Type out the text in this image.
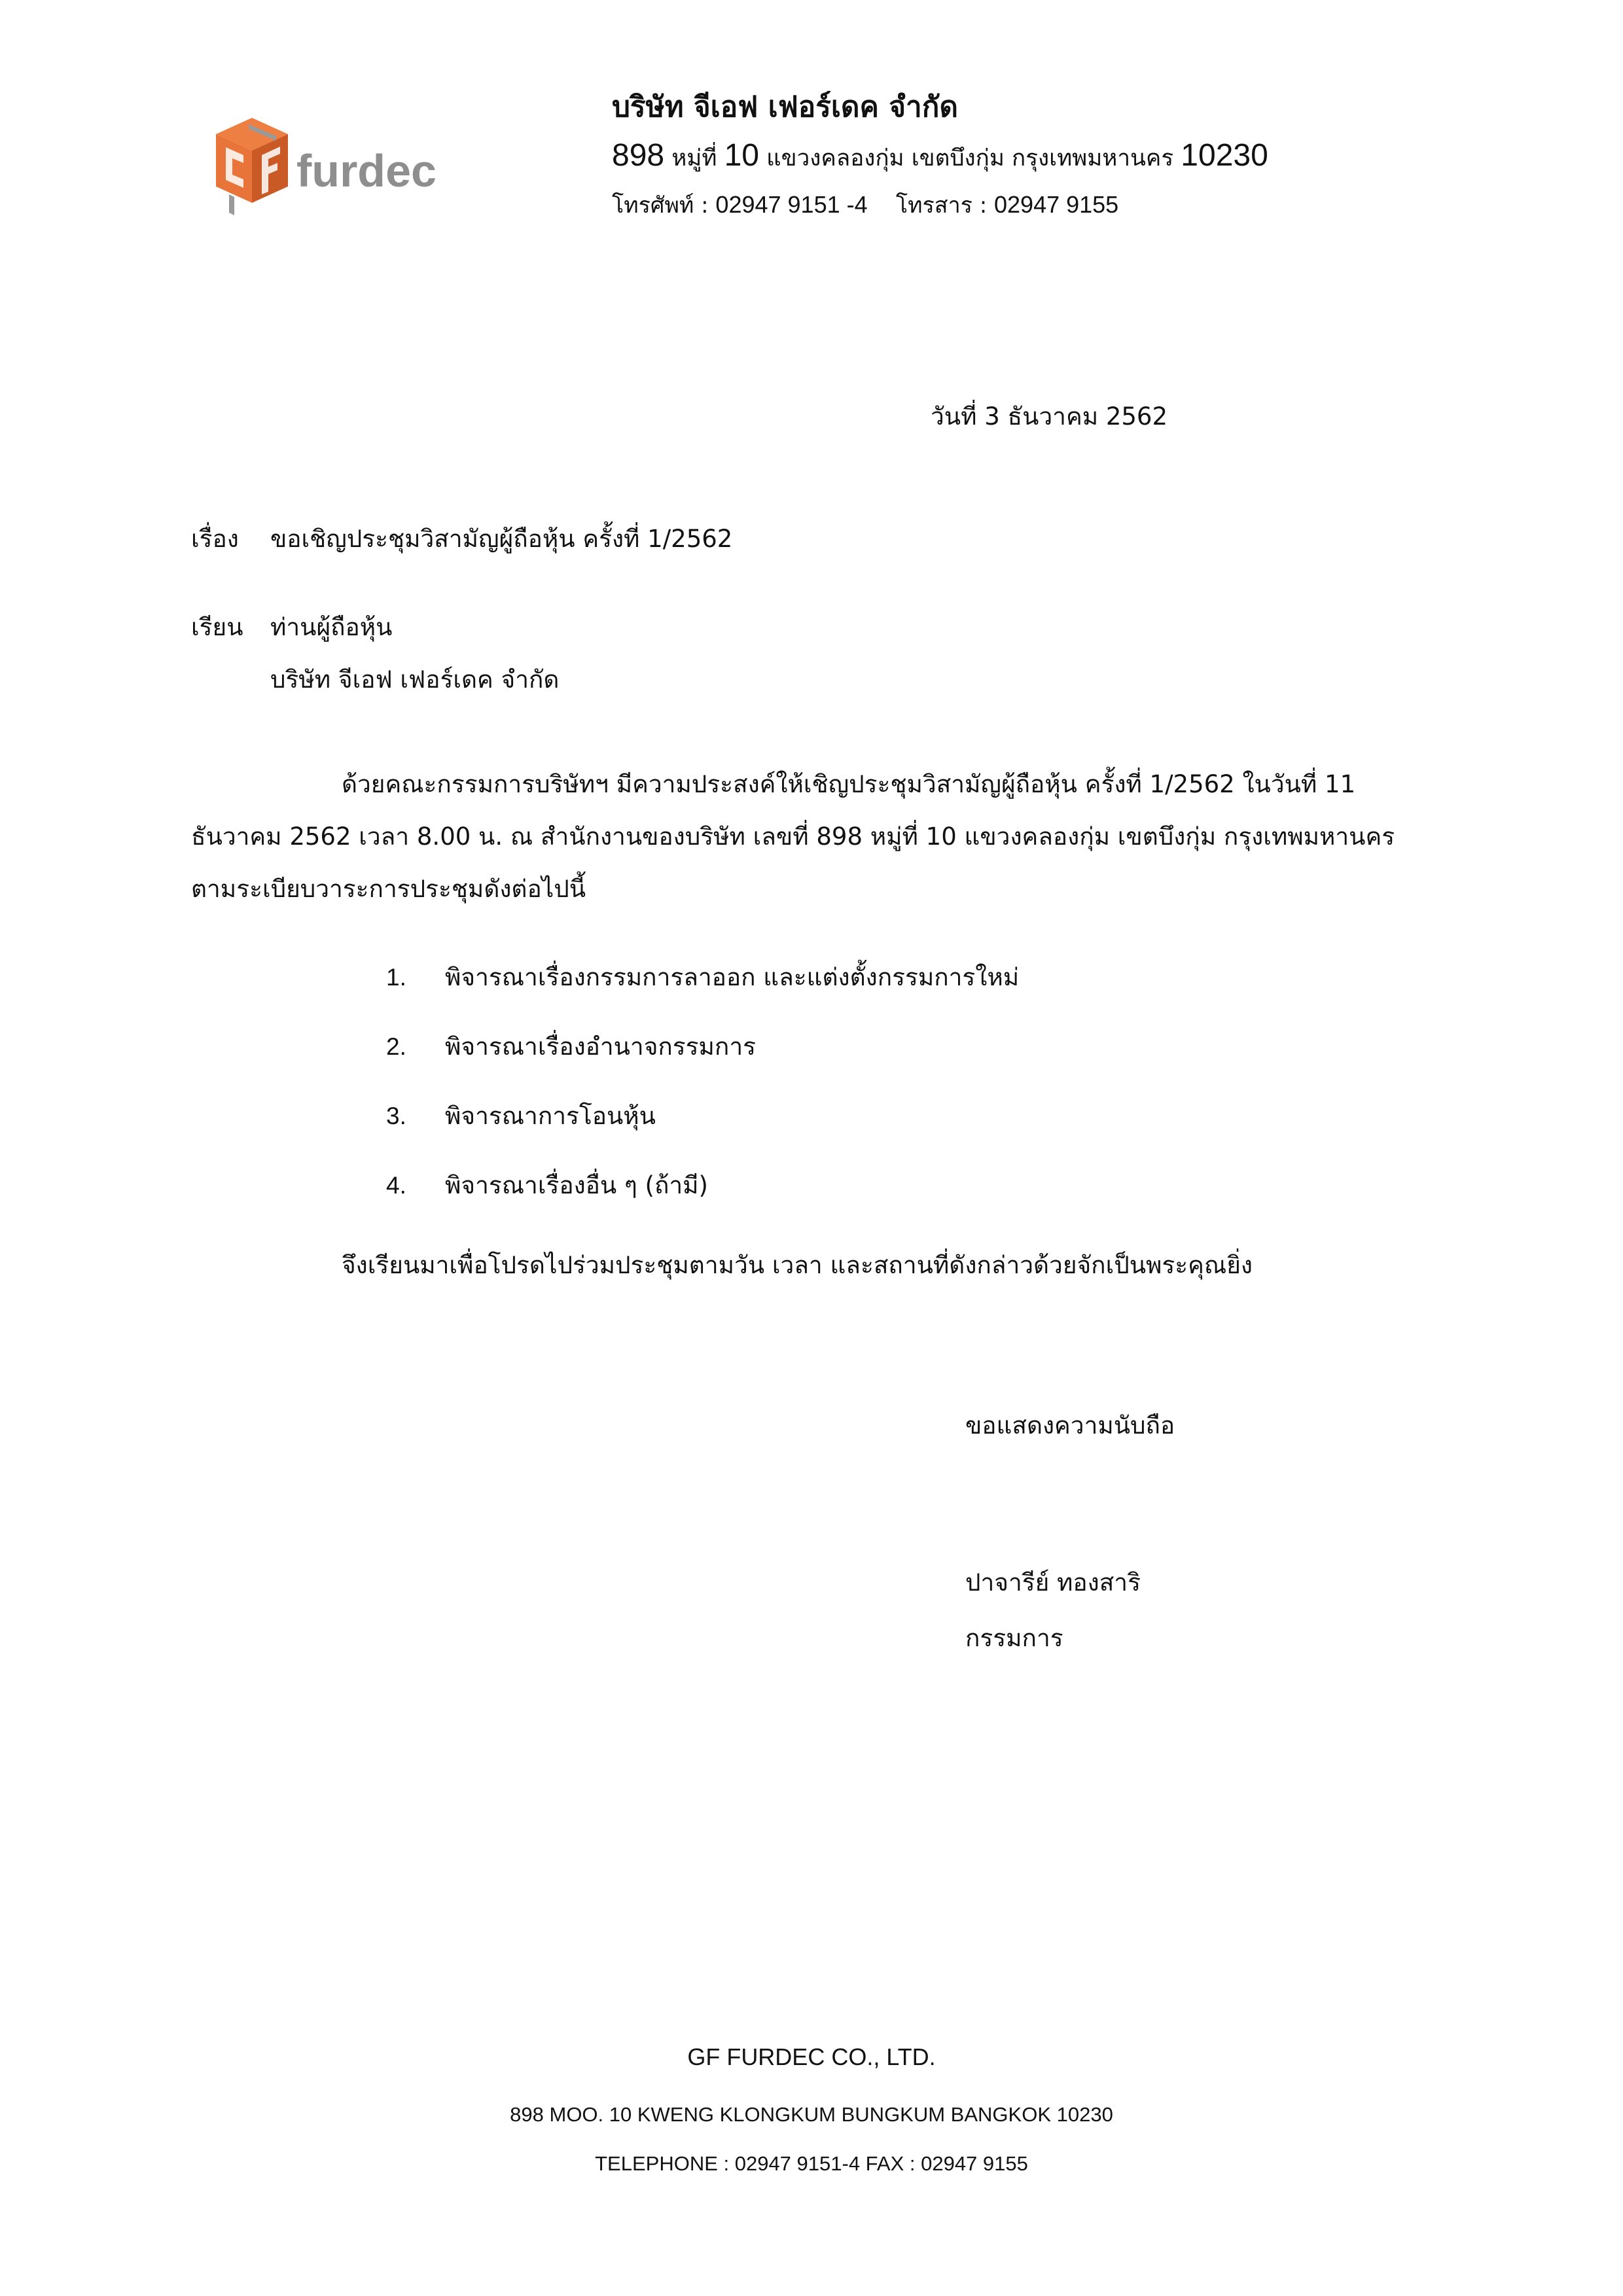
furdec
บริษัท จีเอฟ เฟอร์เดค จำกัด
898 หมู่ที่ 10 แขวงคลองกุ่ม เขตบึงกุ่ม กรุงเทพมหานคร 10230
โทรศัพท์ : 02947 9151 -4 โทรสาร : 02947 9155
วันที่ 3 ธันวาคม 2562
เรื่อง ขอเชิญประชุมวิสามัญผู้ถือหุ้น ครั้งที่ 1/2562
เรียน ท่านผู้ถือหุ้น
บริษัท จีเอฟ เฟอร์เดค จำกัด
ด้วยคณะกรรมการบริษัทฯ มีความประสงค์ให้เชิญประชุมวิสามัญผู้ถือหุ้น ครั้งที่ 1/2562 ในวันที่ 11
ธันวาคม 2562 เวลา 8.00 น. ณ สำนักงานของบริษัท เลขที่ 898 หมู่ที่ 10 แขวงคลองกุ่ม เขตบึงกุ่ม กรุงเทพมหานคร
ตามระเบียบวาระการประชุมดังต่อไปนี้
1.	พิจารณาเรื่องกรรมการลาออก และแต่งตั้งกรรมการใหม่
2.	พิจารณาเรื่องอำนาจกรรมการ
3.	พิจารณาการโอนหุ้น
4.	พิจารณาเรื่องอื่น ๆ (ถ้ามี)
จึงเรียนมาเพื่อโปรดไปร่วมประชุมตามวัน เวลา และสถานที่ดังกล่าวด้วยจักเป็นพระคุณยิ่ง
ขอแสดงความนับถือ
ปาจารีย์ ทองสาริ
กรรมการ
GF FURDEC CO., LTD.
898 MOO. 10 KWENG KLONGKUM BUNGKUM BANGKOK 10230
TELEPHONE : 02947 9151-4 FAX : 02947 9155
